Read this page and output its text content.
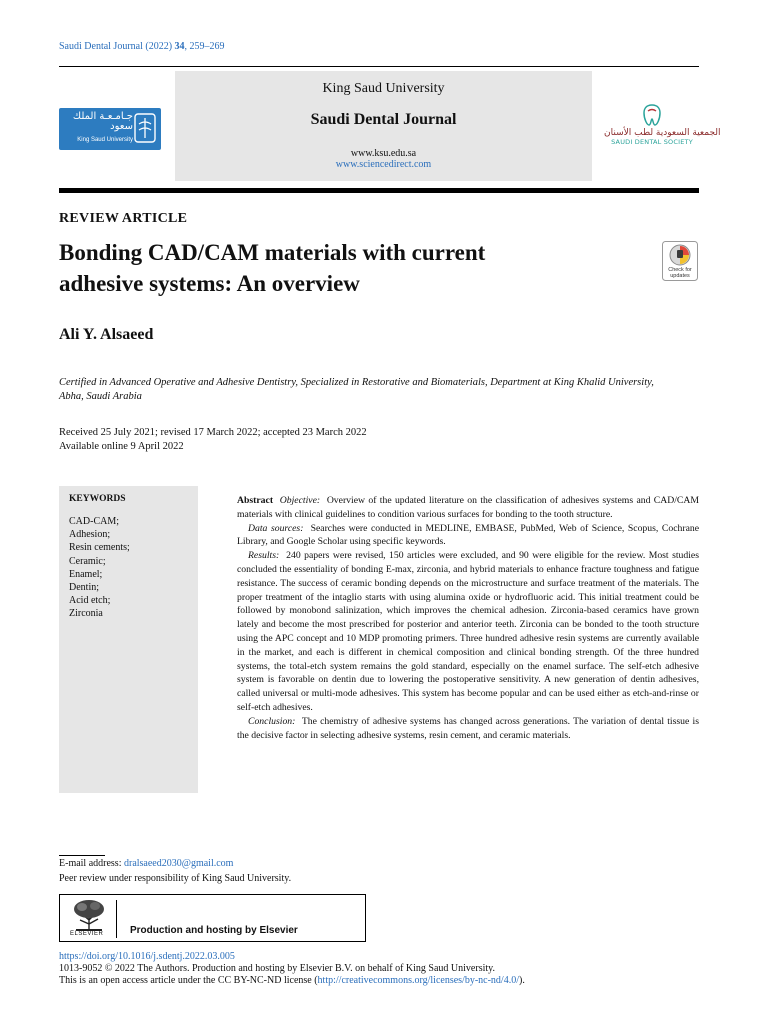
Saudi Dental Journal (2022) 34, 259–269
جـامـعـة الملك سعود
King Saud University
King Saud University
Saudi Dental Journal
www.ksu.edu.sa
www.sciencedirect.com
الجمعية السعودية لطب الأسنان
SAUDI DENTAL SOCIETY
REVIEW ARTICLE
Bonding CAD/CAM materials with current
adhesive systems: An overview
Check for
updates
Ali Y. Alsaeed
Certified in Advanced Operative and Adhesive Dentistry, Specialized in Restorative and Biomaterials, Department at King Khalid University, Abha, Saudi Arabia
Received 25 July 2021; revised 17 March 2022; accepted 23 March 2022
Available online 9 April 2022
KEYWORDS
CAD-CAM;
Adhesion;
Resin cements;
Ceramic;
Enamel;
Dentin;
Acid etch;
Zirconia

Abstract Objective: Overview of the updated literature on the classification of adhesives systems and CAD/CAM materials with clinical guidelines to condition various surfaces for bonding to the tooth structure.

Data sources: Searches were conducted in MEDLINE, EMBASE, PubMed, Web of Science, Scopus, Cochrane Library, and Google Scholar using specific keywords.

Results: 240 papers were revised, 150 articles were excluded, and 90 were eligible for the review. Most studies concluded the essentiality of bonding E-max, zirconia, and hybrid materials to enhance fracture toughness and fatigue resistance. The success of ceramic bonding depends on the microstructure and surface treatment of the materials. The proper treatment of the intaglio starts with using alumina oxide or hydrofluoric acid. This initial treatment could be followed by monobond salinization, which improves the chemical adhesion. Zirconia-based ceramics have grown lately and become the most prescribed for posterior and anterior teeth. Zirconia can be bonded to the tooth structure using the APC concept and 10 MDP promoting primers. Three hundred adhesive resin systems are currently available in the market, and each is different in chemical composition and clinical bonding strength. Of the three hundred systems, the total-etch system remains the gold standard, especially on the enamel surface. The self-etch adhesive system is favorable on dentin due to lowering the postoperative sensitivity. A new generation of dentin adhesives, called universal or multi-mode adhesives. This system has become popular and can be used either as etch-and-rinse or self-etch adhesives.

Conclusion: The chemistry of adhesive systems has changed across generations. The variation of dental tissue is the decisive factor in selecting adhesive systems, resin cement, and ceramic materials.

E-mail address: dralsaeed2030@gmail.com
Peer review under responsibility of King Saud University.
ELSEVIER	Production and hosting by Elsevier
https://doi.org/10.1016/j.sdentj.2022.03.005
1013-9052 © 2022 The Authors. Production and hosting by Elsevier B.V. on behalf of King Saud University.
This is an open access article under the CC BY-NC-ND license (http://creativecommons.org/licenses/by-nc-nd/4.0/).
